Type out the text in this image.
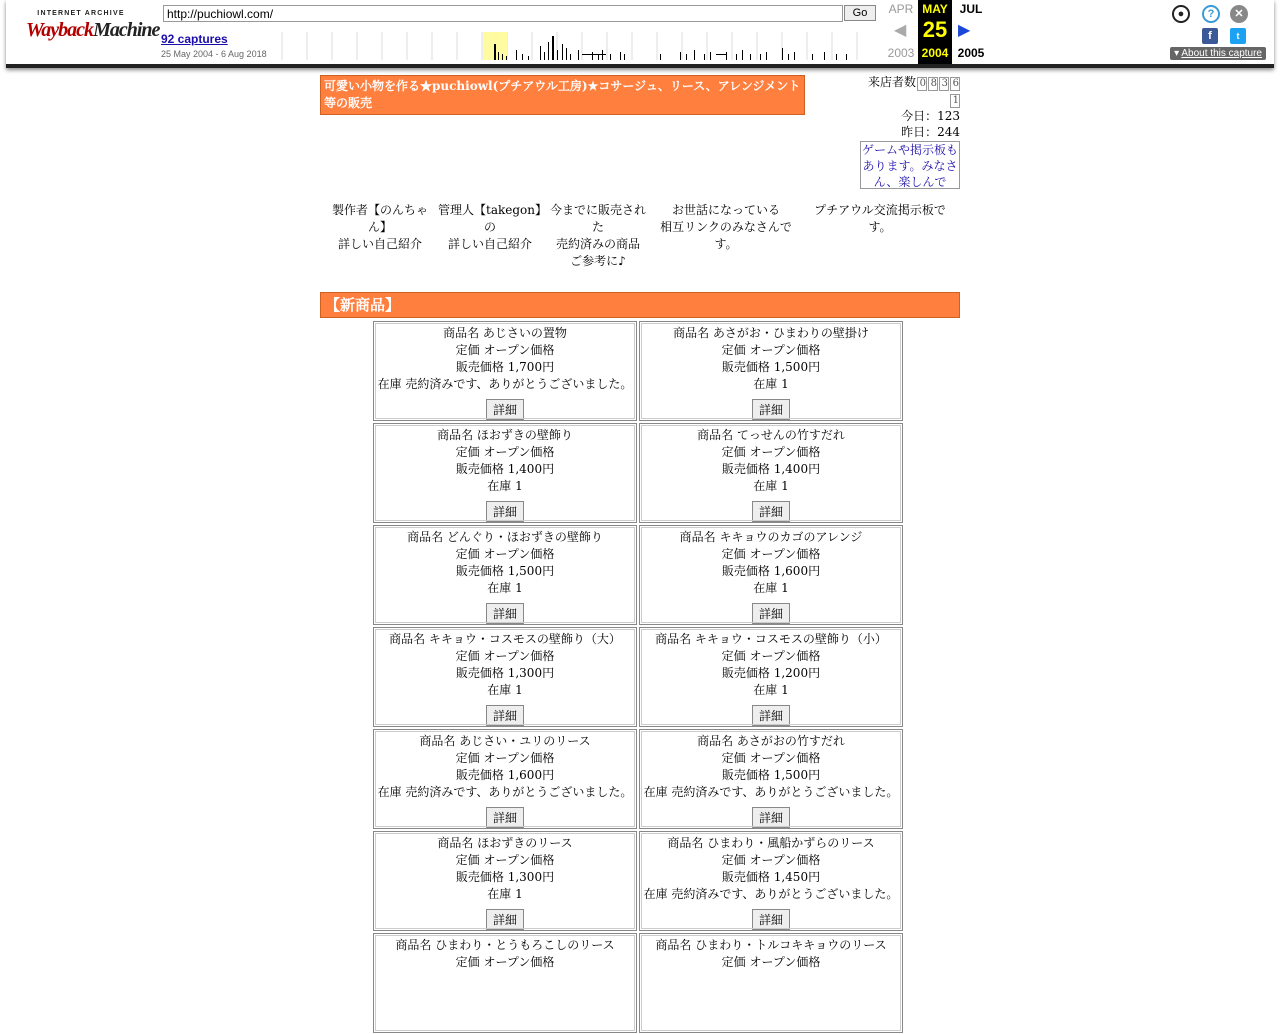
INTERNET ARCHIVE
WaybackMachine
http://puchiowl.com/
Go
92 captures
25 May 2004 - 6 Aug 2018
APR
2003
◀
MAY
25
2004
JUL
2005
▶
●	?	✕
f	t
▾ About this capture
可愛い小物を作る★puchiowl(プチアウル工房)★コサージュ、リース、アレンジメント等の販売
来店者数 0 8 3 6
1
今日：123
昨日：244
ゲームや掲示板もあります。みなさん、楽しんで
製作者【のんちゃ
ん】
詳しい自己紹介
管理人【takegon】
の
詳しい自己紹介
今までに販売され
た
売約済みの商品
ご参考に♪
お世話になっている
相互リンクのみなさんで
す。
プチアウル交流掲示板で
す。
【新商品】
商品名 あじさいの置物
定価 オープン価格
販売価格 1,700円
在庫 売約済みです、ありがとうございました。
詳細
商品名 あさがお・ひまわりの壁掛け
定価 オープン価格
販売価格 1,500円
在庫 1
詳細
商品名 ほおずきの壁飾り
定価 オープン価格
販売価格 1,400円
在庫 1
詳細
商品名 てっせんの竹すだれ
定価 オープン価格
販売価格 1,400円
在庫 1
詳細
商品名 どんぐり・ほおずきの壁飾り
定価 オープン価格
販売価格 1,500円
在庫 1
詳細
商品名 キキョウのカゴのアレンジ
定価 オープン価格
販売価格 1,600円
在庫 1
詳細
商品名 キキョウ・コスモスの壁飾り（大）
定価 オープン価格
販売価格 1,300円
在庫 1
詳細
商品名 キキョウ・コスモスの壁飾り（小）
定価 オープン価格
販売価格 1,200円
在庫 1
詳細
商品名 あじさい・ユリのリース
定価 オープン価格
販売価格 1,600円
在庫 売約済みです、ありがとうございました。
詳細
商品名 あさがおの竹すだれ
定価 オープン価格
販売価格 1,500円
在庫 売約済みです、ありがとうございました。
詳細
商品名 ほおずきのリース
定価 オープン価格
販売価格 1,300円
在庫 1
詳細
商品名 ひまわり・風船かずらのリース
定価 オープン価格
販売価格 1,450円
在庫 売約済みです、ありがとうございました。
詳細
商品名 ひまわり・とうもろこしのリース
定価 オープン価格
商品名 ひまわり・トルコキキョウのリース
定価 オープン価格
